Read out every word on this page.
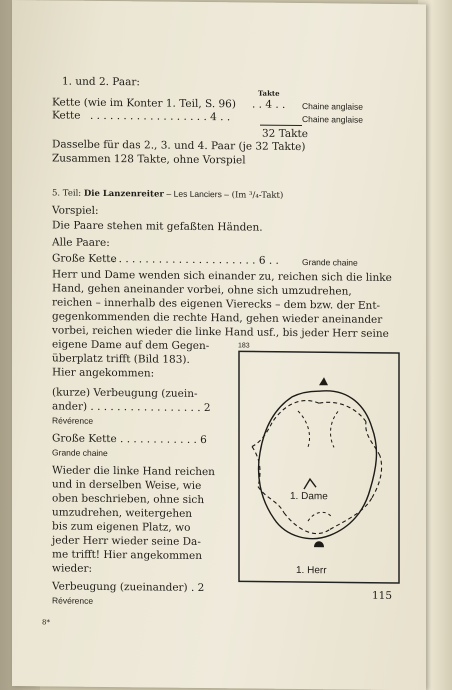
1. und 2. Paar:
Takte
Kette (wie im Konter 1. Teil, S. 96) . . 4 . . Chaine anglaise
Kette . . . . . . . . . . . . . . . . . . 4 . .	Chaine anglaise
32 Takte
Dasselbe für das 2., 3. und 4. Paar (je 32 Takte)
Zusammen 128 Takte, ohne Vorspiel
5. Teil: Die Lanzenreiter – Les Lanciers – (Im ³/₄-Takt)
Vorspiel:
Die Paare stehen mit gefaßten Händen.
Alle Paare:
Große Kette
. . . . . . . . . . . . . . . . . . . . . . 6 . .	Grande chaine
Herr und Dame wenden sich einander zu, reichen sich die linke
Hand, gehen aneinander vorbei, ohne sich umzudrehen,
reichen – innerhalb des eigenen Vierecks – dem bzw. der Ent-
gegenkommenden die rechte Hand, gehen wieder aneinander
vorbei, reichen wieder die linke Hand usf., bis jeder Herr seine
eigene Dame auf dem Gegen-
überplatz trifft (Bild 183).
Hier angekommen:
(kurze) Verbeugung (zuein-
ander) . . . . . . . . . . . . . . . . . 2
Révérence
Große Kette . . . . . . . . . . . . 6
Grande chaine
Wieder die linke Hand reichen
und in derselben Weise, wie
oben beschrieben, ohne sich
umzudrehen, weitergehen
bis zum eigenen Platz, wo
jeder Herr wieder seine Da-
me trifft! Hier angekommen
wieder:
Verbeugung (zueinander) . 2
Révérence
183
1. Dame
1. Herr
115
8*
